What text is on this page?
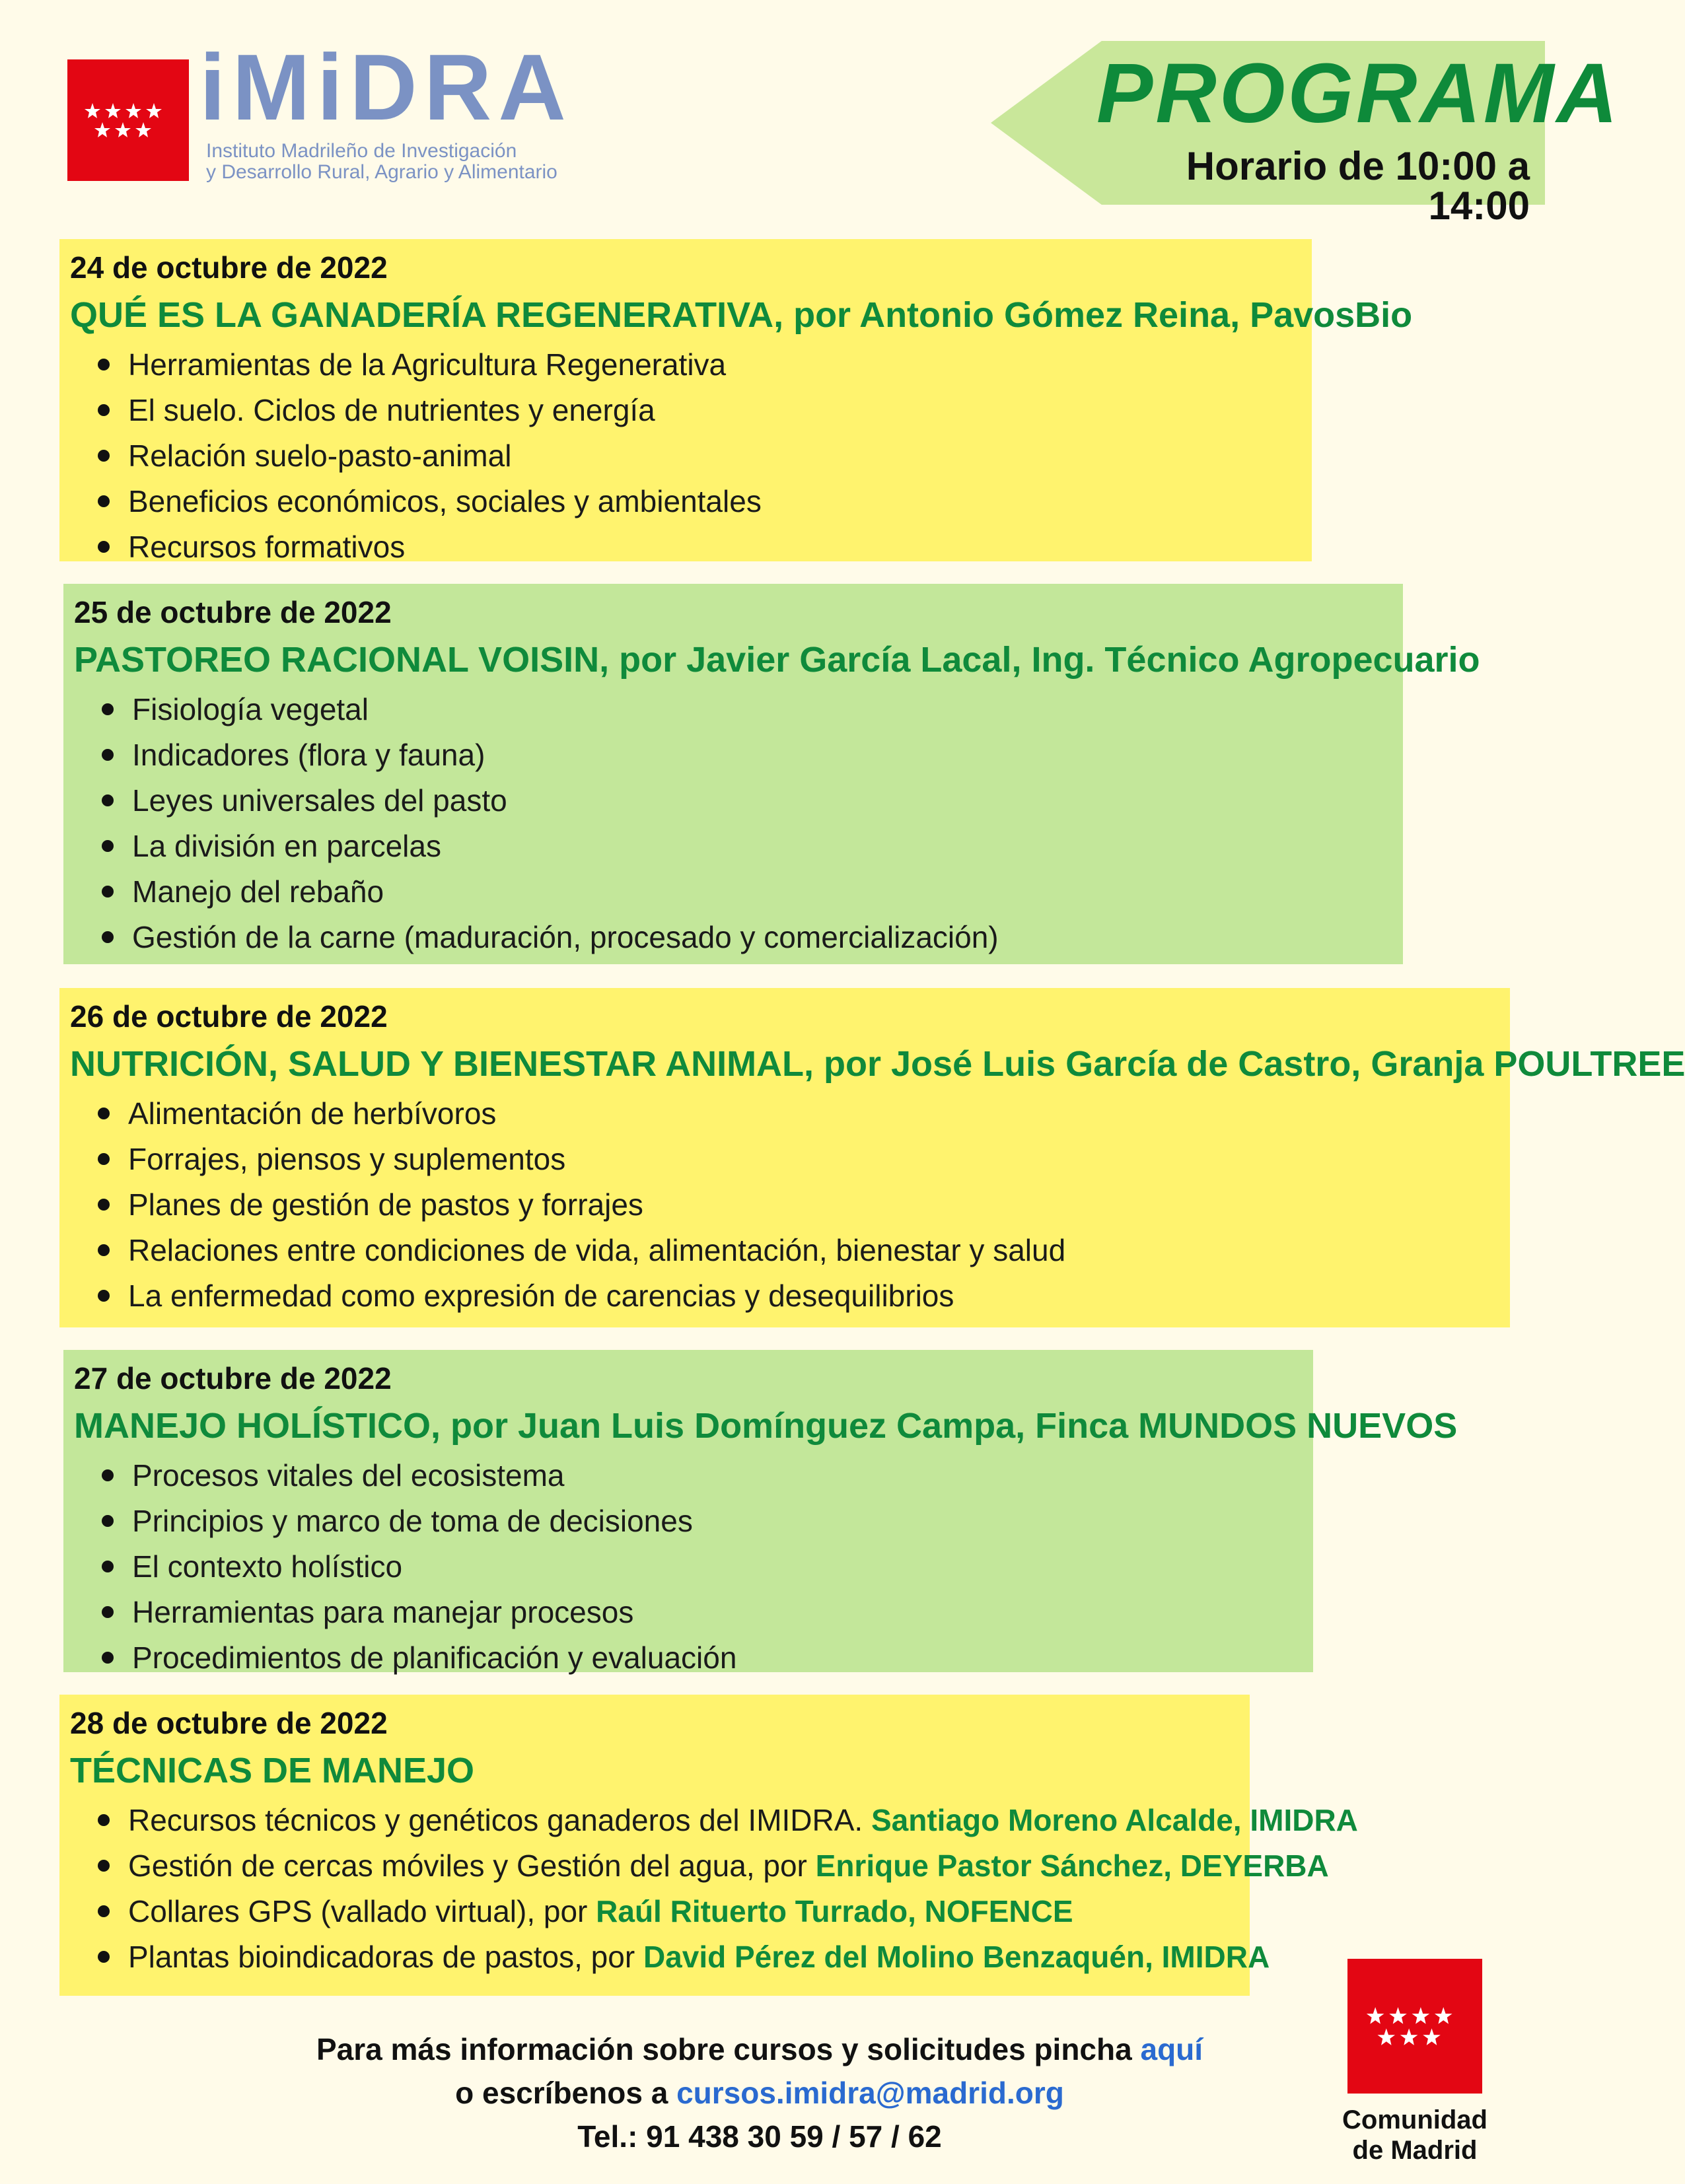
iMiDRA
Instituto Madrileño de Investigación
y Desarrollo Rural, Agrario y Alimentario
PROGRAMA
Horario de 10:00 a 14:00
24 de octubre de 2022
QUÉ ES LA GANADERÍA REGENERATIVA, por Antonio Gómez Reina, PavosBio
Herramientas de la Agricultura Regenerativa
El suelo. Ciclos de nutrientes y energía
Relación suelo-pasto-animal
Beneficios económicos, sociales y ambientales
Recursos formativos
25 de octubre de 2022
PASTOREO RACIONAL VOISIN, por Javier García Lacal, Ing. Técnico Agropecuario
Fisiología vegetal
Indicadores (flora y fauna)
Leyes universales del pasto
La división en parcelas
Manejo del rebaño
Gestión de la carne (maduración, procesado y comercialización)
26 de octubre de 2022
NUTRICIÓN, SALUD Y BIENESTAR ANIMAL, por José Luis García de Castro, Granja POULTREE
Alimentación de herbívoros
Forrajes, piensos y suplementos
Planes de gestión de pastos y forrajes
Relaciones entre condiciones de vida, alimentación, bienestar y salud
La enfermedad como expresión de carencias y desequilibrios
27 de octubre de 2022
MANEJO HOLÍSTICO, por Juan Luis Domínguez Campa, Finca MUNDOS NUEVOS
Procesos vitales del ecosistema
Principios y marco de toma de decisiones
El contexto holístico
Herramientas para manejar procesos
Procedimientos de planificación y evaluación
28 de octubre de 2022
TÉCNICAS DE MANEJO
Recursos técnicos y genéticos ganaderos del IMIDRA. Santiago Moreno Alcalde, IMIDRA
Gestión de cercas móviles y Gestión del agua, por Enrique Pastor Sánchez, DEYERBA
Collares GPS (vallado virtual), por Raúl Rituerto Turrado, NOFENCE
Plantas bioindicadoras de pastos, por David Pérez del Molino Benzaquén, IMIDRA
Para más información sobre cursos y solicitudes pincha aquí
o escríbenos a cursos.imidra@madrid.org
Tel.: 91 438 30 59 / 57 / 62	Comunidad
de Madrid
